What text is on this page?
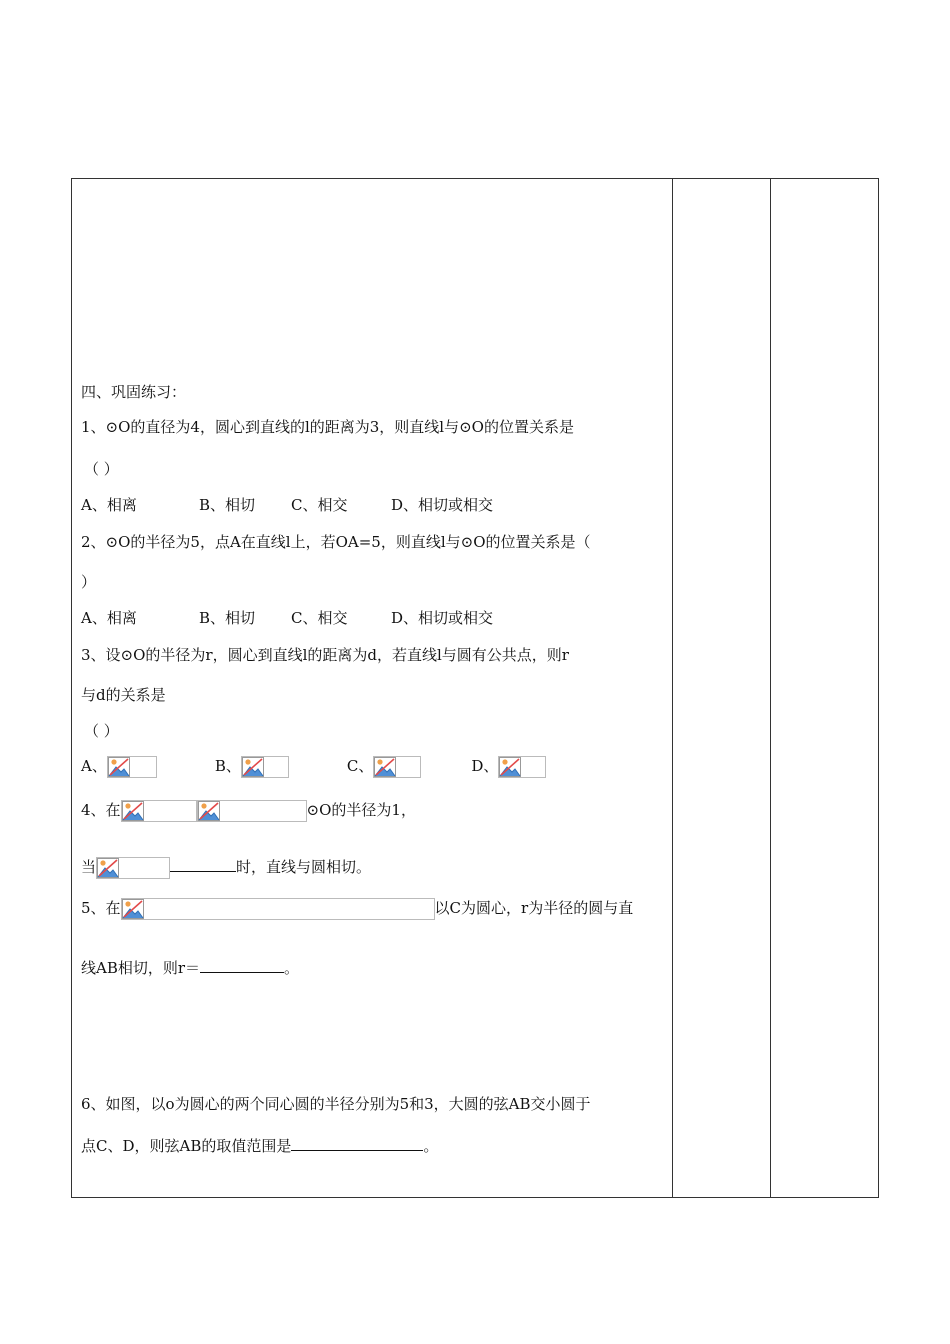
四、巩固练习：
1、⊙O的直径为4，圆心到直线的l的距离为3，则直线l与⊙O的位置关系是
（ ）
A、相离	B、相切 C、相交	D、相切或相交
2、⊙O的半径为5，点A在直线l上，若OA=5，则直线l与⊙O的位置关系是（
）
A、相离	B、相切 C、相交	D、相切或相交
3、设⊙O的半径为r，圆心到直线l的距离为d，若直线l与圆有公共点，则r
与d的关系是
（ ）
A、	B、	C、	D、
4、在	⊙O的半径为1，
当	时，直线与圆相切。
5、在	以C为圆心，r为半径的圆与直
线AB相切，则r＝	。
6、如图，以o为圆心的两个同心圆的半径分别为5和3，大圆的弦AB交小圆于
点C、D，则弦AB的取值范围是	。
